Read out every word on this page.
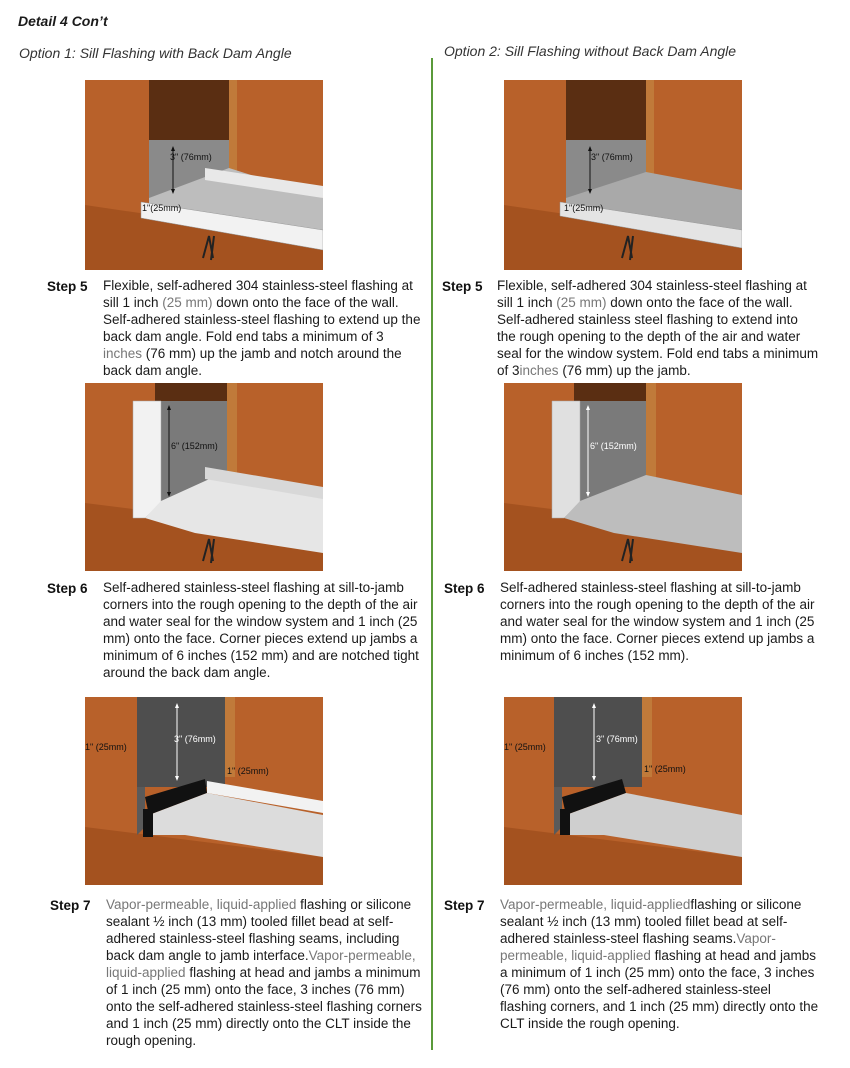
Detail 4 Con’t
Option 1: Sill Flashing with Back Dam Angle	Option 2: Sill Flashing without Back Dam Angle
3" (76mm)
1"(25mm)
Step 5 Flexible, self-adhered 304 stainless-steel flashing at sill 1 inch (25 mm) down onto the face of the wall. Self-adhered stainless-steel flashing to extend up the back dam angle. Fold end tabs a minimum of 3 inches (76 mm) up the jamb and notch around the back dam angle.
6" (152mm)
Step 6 Self-adhered stainless-steel flashing at sill-to-jamb corners into the rough opening to the depth of the air and water seal for the window system and 1 inch (25 mm) onto the face. Corner pieces extend up jambs a minimum of 6 inches (152 mm) and are notched tight around the back dam angle.
3" (76mm)
1" (25mm)
1" (25mm)
Step 7 Vapor-permeable, liquid-applied flashing or silicone sealant ½ inch (13 mm) tooled fillet bead at self-adhered stainless-steel flashing seams, including back dam angle to jamb interface.Vapor-permeable, liquid-applied flashing at head and jambs a minimum of 1 inch (25 mm) onto the face, 3 inches (76 mm) onto the self-adhered stainless-steel flashing corners and 1 inch (25 mm) directly onto the CLT inside the rough opening.
3" (76mm)
1"(25mm)
Step 5 Flexible, self-adhered 304 stainless-steel flashing at sill 1 inch (25 mm) down onto the face of the wall. Self-adhered stainless steel flashing to extend into the rough opening to the depth of the air and water seal for the window system. Fold end tabs a minimum of 3inches (76 mm) up the jamb.
6" (152mm)
Step 6 Self-adhered stainless-steel flashing at sill-to-jamb corners into the rough opening to the depth of the air and water seal for the window system and 1 inch (25 mm) onto the face. Corner pieces extend up jambs a minimum of 6 inches (152 mm).
3" (76mm)
1" (25mm)
1" (25mm)
Step 7 Vapor-permeable, liquid-appliedflashing or silicone sealant ½ inch (13 mm) tooled fillet bead at self-adhered stainless-steel flashing seams.Vapor-permeable, liquid-applied flashing at head and jambs a minimum of 1 inch (25 mm) onto the face, 3 inches (76 mm) onto the self-adhered stainless-steel flashing corners, and 1 inch (25 mm) directly onto the CLT inside the rough opening.
